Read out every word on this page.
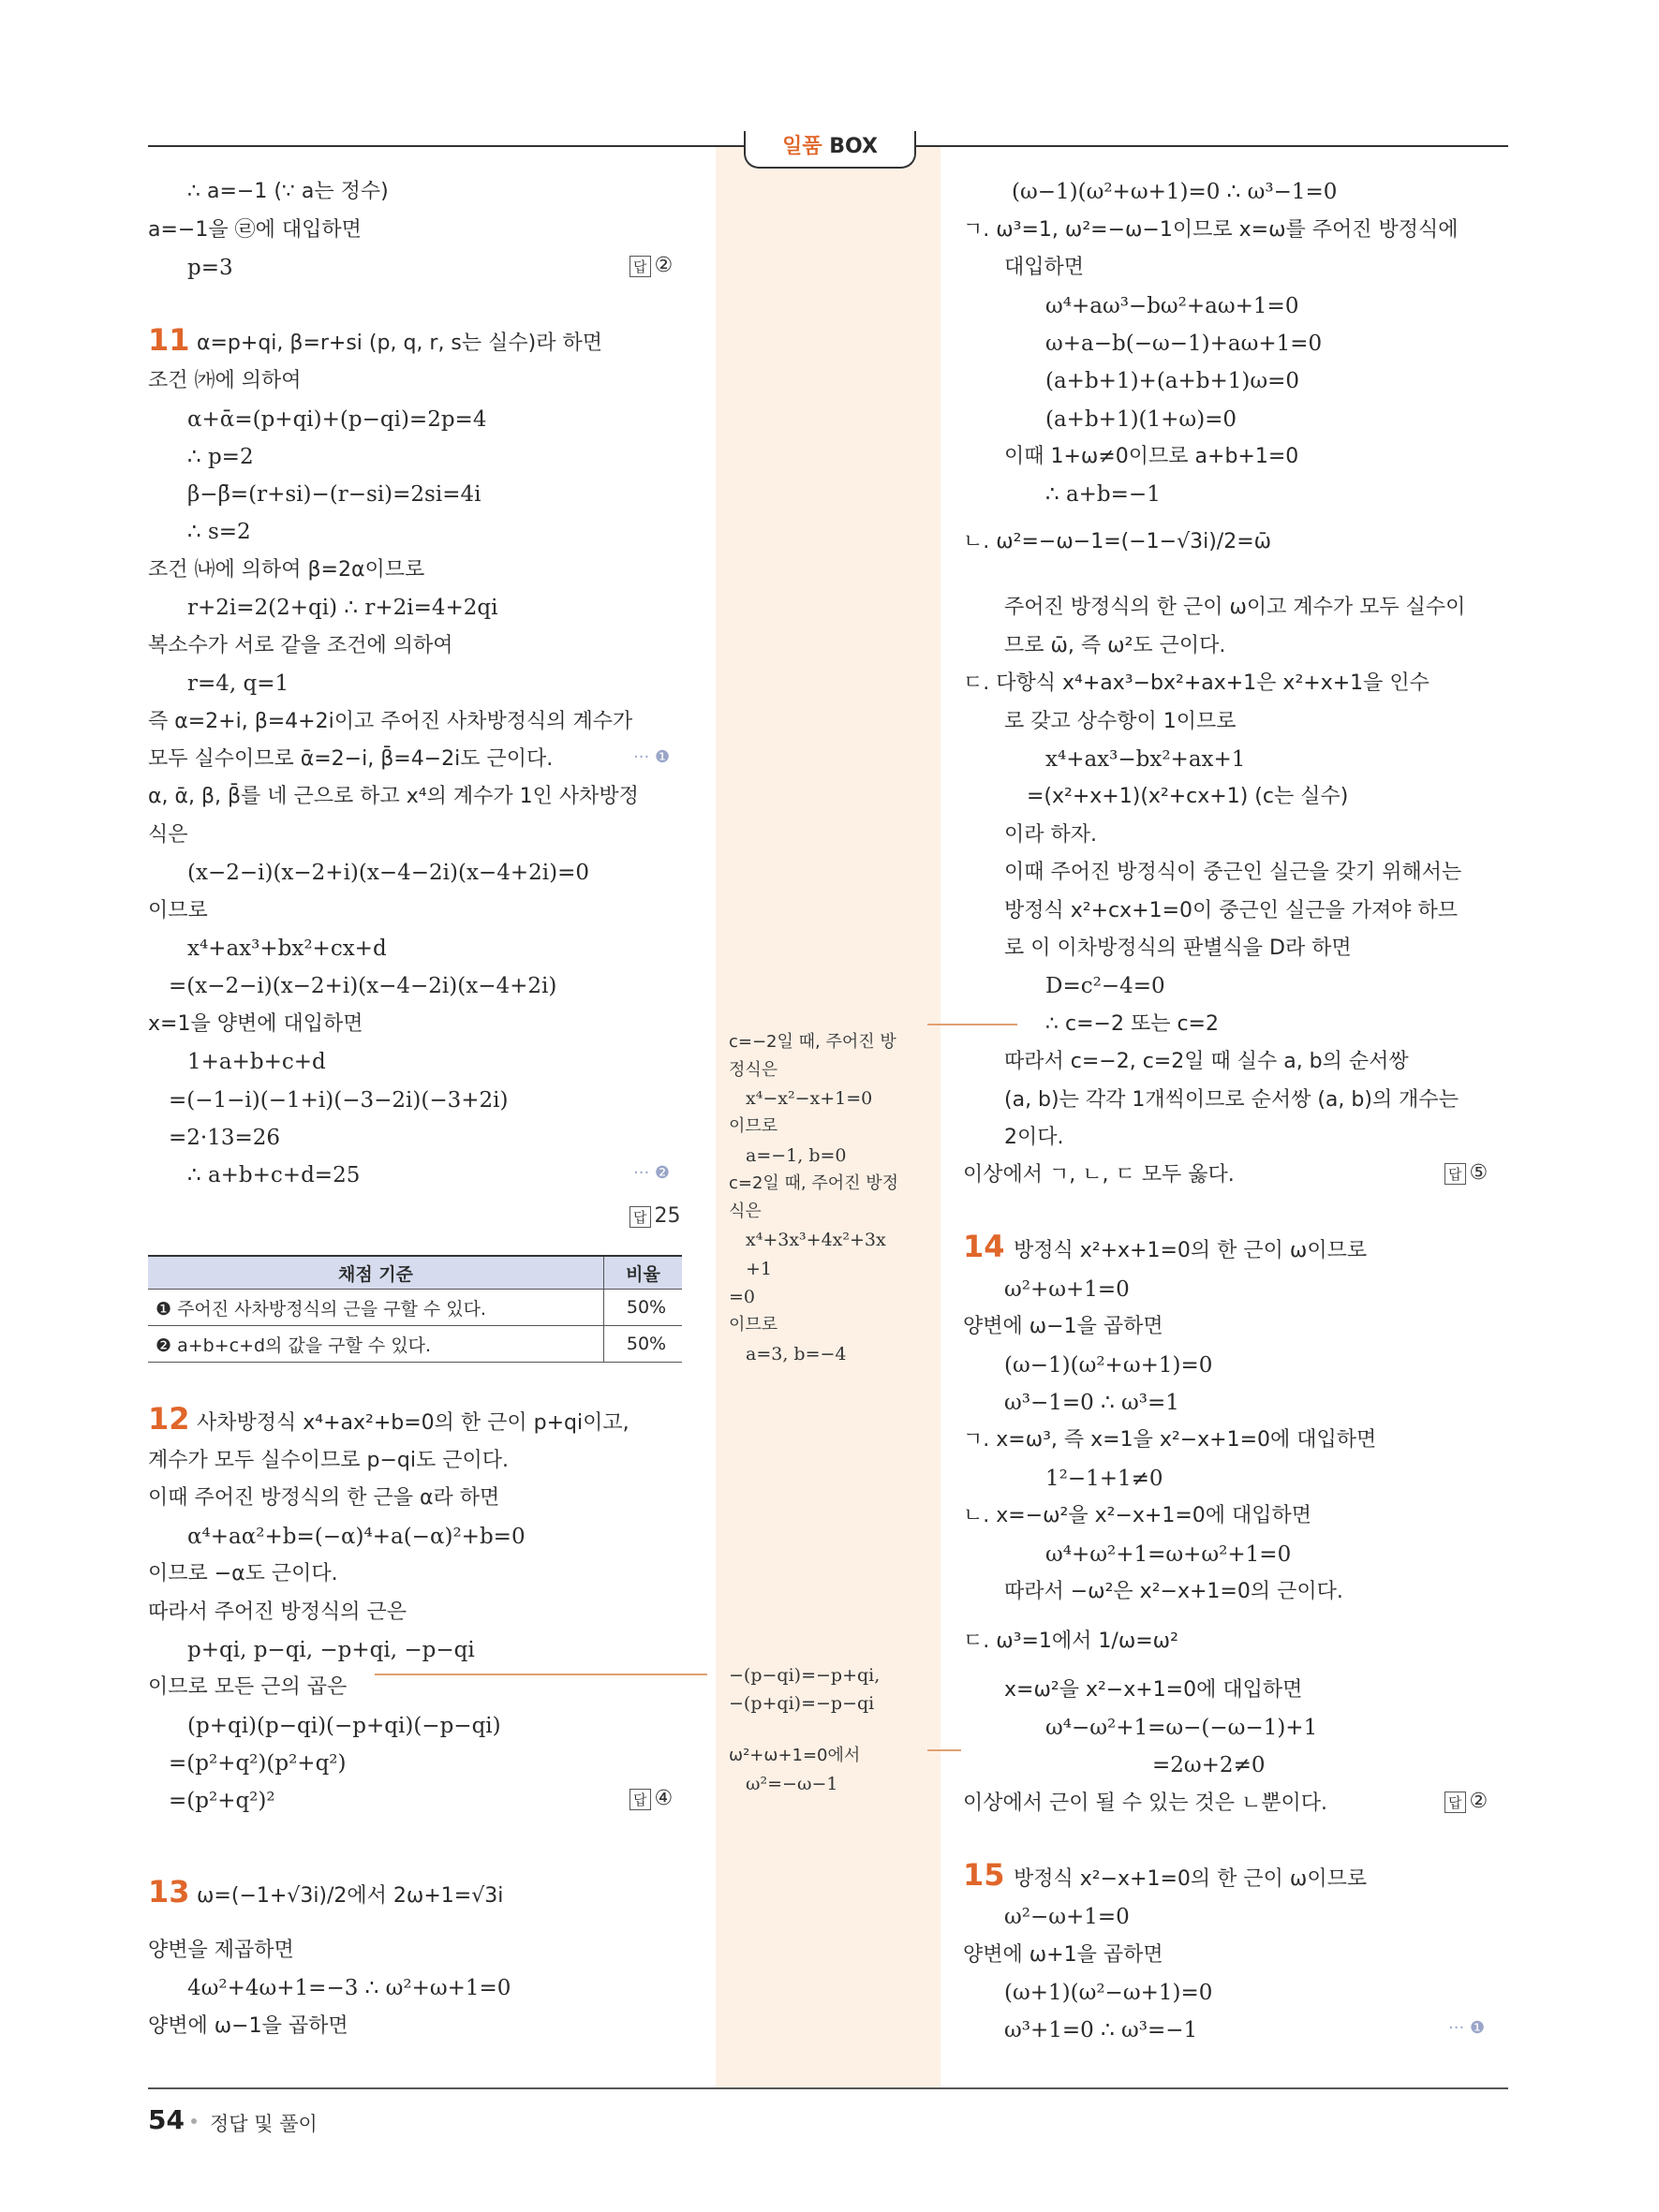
일품 BOX
∴ a=−1 (∵ a는 정수)
a=−1을 ㉣에 대입하면
p=3
α=p+qi, β=r+si (p, q, r, s는 실수)라 하면
조건 ㈎에 의하여
α+ᾱ=(p+qi)+(p−qi)=2p=4
∴ p=2
β−β̄=(r+si)−(r−si)=2si=4i
∴ s=2
조건 ㈏에 의하여 β=2α이므로
r+2i=2(2+qi) ∴ r+2i=4+2qi
복소수가 서로 같을 조건에 의하여
r=4, q=1
즉 α=2+i, β=4+2i이고 주어진 사차방정식의 계수가
모두 실수이므로 ᾱ=2−i, β̄=4−2i도 근이다.
α, ᾱ, β, β̄를 네 근으로 하고 x⁴의 계수가 1인 사차방정
식은
(x−2−i)(x−2+i)(x−4−2i)(x−4+2i)=0
이므로
x⁴+ax³+bx²+cx+d
=(x−2−i)(x−2+i)(x−4−2i)(x−4+2i)
x=1을 양변에 대입하면
1+a+b+c+d
=(−1−i)(−1+i)(−3−2i)(−3+2i)
=2·13=26
∴ a+b+c+d=25
사차방정식 x⁴+ax²+b=0의 한 근이 p+qi이고,
계수가 모두 실수이므로 p−qi도 근이다.
이때 주어진 방정식의 한 근을 α라 하면
α⁴+aα²+b=(−α)⁴+a(−α)²+b=0
이므로 −α도 근이다.
따라서 주어진 방정식의 근은
p+qi, p−qi, −p+qi, −p−qi
이므로 모든 근의 곱은
(p+qi)(p−qi)(−p+qi)(−p−qi)
=(p²+q²)(p²+q²)
=(p²+q²)²
ω=(−1+√3i)/2에서 2ω+1=√3i
양변을 제곱하면
4ω²+4ω+1=−3 ∴ ω²+ω+1=0
양변에 ω−1을 곱하면
(ω−1)(ω²+ω+1)=0 ∴ ω³−1=0
ㄱ. ω³=1, ω²=−ω−1이므로 x=ω를 주어진 방정식에
대입하면
ω⁴+aω³−bω²+aω+1=0
ω+a−b(−ω−1)+aω+1=0
(a+b+1)+(a+b+1)ω=0
(a+b+1)(1+ω)=0
이때 1+ω≠0이므로 a+b+1=0
∴ a+b=−1
ㄴ. ω²=−ω−1=(−1−√3i)/2=ω̄
주어진 방정식의 한 근이 ω이고 계수가 모두 실수이
므로 ω̄, 즉 ω²도 근이다.
ㄷ. 다항식 x⁴+ax³−bx²+ax+1은 x²+x+1을 인수
로 갖고 상수항이 1이므로
x⁴+ax³−bx²+ax+1
=(x²+x+1)(x²+cx+1) (c는 실수)
이라 하자.
이때 주어진 방정식이 중근인 실근을 갖기 위해서는
방정식 x²+cx+1=0이 중근인 실근을 가져야 하므
로 이 이차방정식의 판별식을 D라 하면
D=c²−4=0
∴ c=−2 또는 c=2
따라서 c=−2, c=2일 때 실수 a, b의 순서쌍
(a, b)는 각각 1개씩이므로 순서쌍 (a, b)의 개수는
2이다.
이상에서 ㄱ, ㄴ, ㄷ 모두 옳다.
방정식 x²+x+1=0의 한 근이 ω이므로
ω²+ω+1=0
양변에 ω−1을 곱하면
(ω−1)(ω²+ω+1)=0
ω³−1=0 ∴ ω³=1
ㄱ. x=ω³, 즉 x=1을 x²−x+1=0에 대입하면
1²−1+1≠0
ㄴ. x=−ω²을 x²−x+1=0에 대입하면
ω⁴+ω²+1=ω+ω²+1=0
따라서 −ω²은 x²−x+1=0의 근이다.
ㄷ. ω³=1에서 1/ω=ω²
x=ω²을 x²−x+1=0에 대입하면
ω⁴−ω²+1=ω−(−ω−1)+1
=2ω+2≠0
이상에서 근이 될 수 있는 것은 ㄴ뿐이다.
방정식 x²−x+1=0의 한 근이 ω이므로
ω²−ω+1=0
양변에 ω+1을 곱하면
(ω+1)(ω²−ω+1)=0
ω³+1=0 ∴ ω³=−1
c=−2일 때, 주어진 방
정식은
x⁴−x²−x+1=0
이므로
a=−1, b=0
c=2일 때, 주어진 방정
식은
x⁴+3x³+4x²+3x
+1
=0
이므로
a=3, b=−4
−(p−qi)=−p+qi,
−(p+qi)=−p−qi
ω²+ω+1=0에서
ω²=−ω−1
11
12
13
14
15
답 ②
답 25
답 ④
답 ⑤
답 ②
··· ❶
··· ❷
··· ❶
채점 기준	비율
❶ 주어진 사차방정식의 근을 구할 수 있다.	50%
❷ a+b+c+d의 값을 구할 수 있다.	50%
54 정답 및 풀이
